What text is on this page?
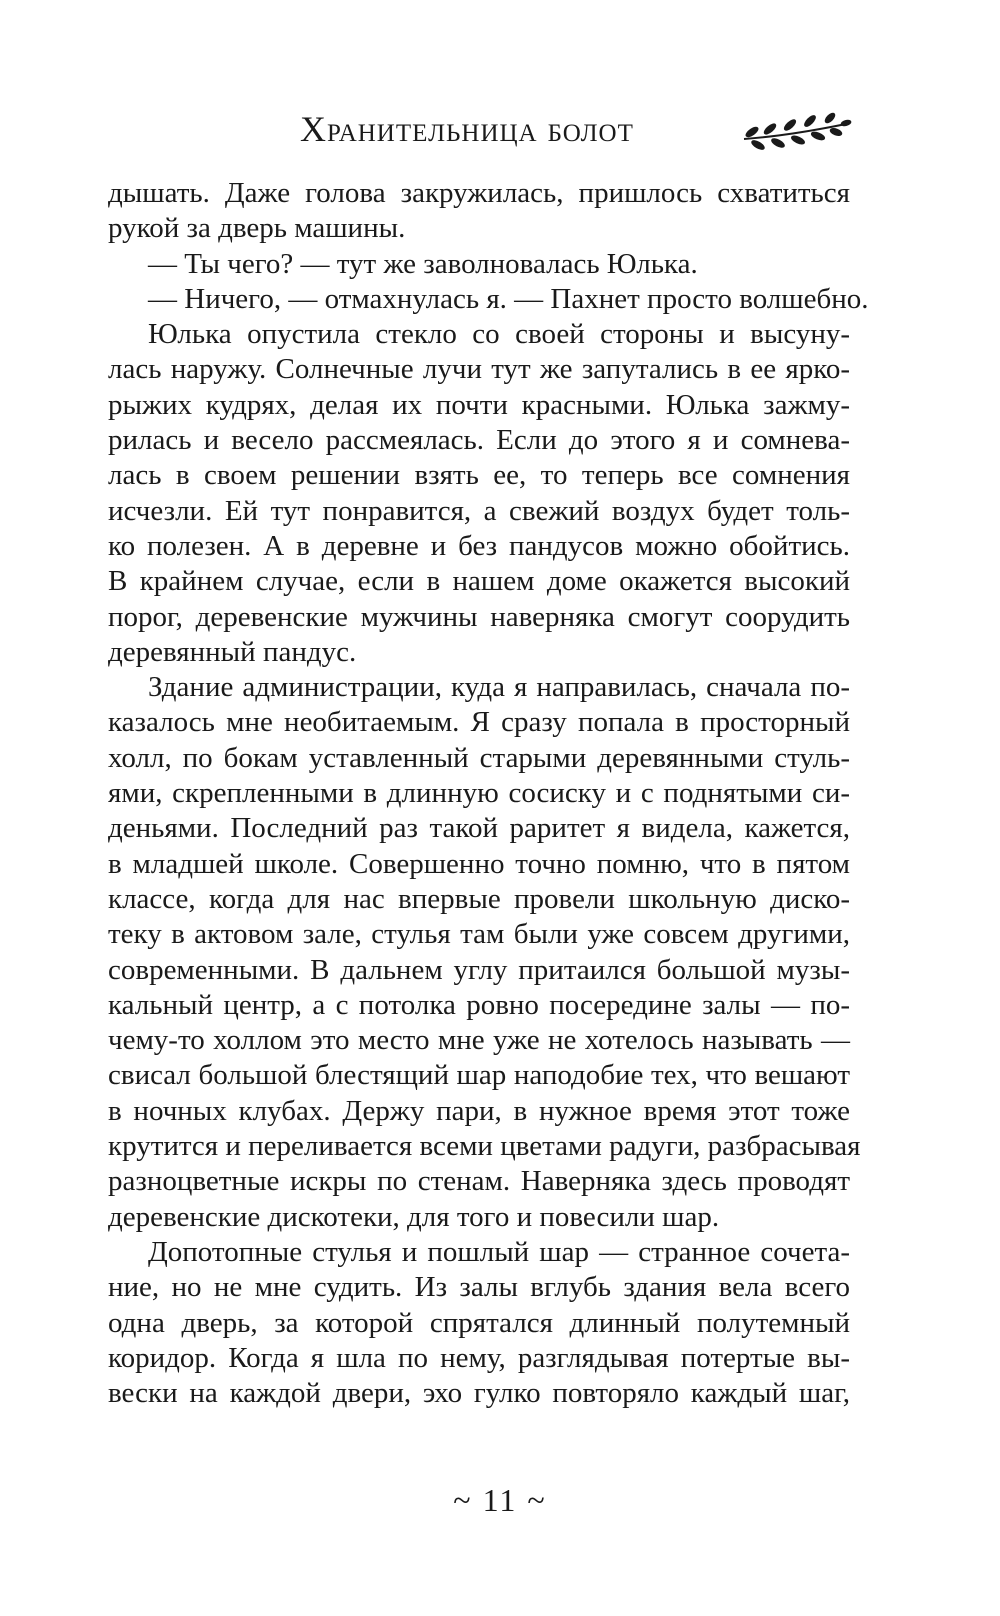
Хранительница болот
дышать. Даже голова закружилась, пришлось схватиться
рукой за дверь машины.
— Ты чего? — тут же заволновалась Юлька.
— Ничего, — отмахнулась я. — Пахнет просто волшебно.
Юлька опустила стекло со своей стороны и высуну-
лась наружу. Солнечные лучи тут же запутались в ее ярко-
рыжих кудрях, делая их почти красными. Юлька зажму-
рилась и весело рассмеялась. Если до этого я и сомнева-
лась в своем решении взять ее, то теперь все сомнения
исчезли. Ей тут понравится, а свежий воздух будет толь-
ко полезен. А в деревне и без пандусов можно обойтись.
В крайнем случае, если в нашем доме окажется высокий
порог, деревенские мужчины наверняка смогут соорудить
деревянный пандус.
Здание администрации, куда я направилась, сначала по-
казалось мне необитаемым. Я сразу попала в просторный
холл, по бокам уставленный старыми деревянными стуль-
ями, скрепленными в длинную сосиску и с поднятыми си-
деньями. Последний раз такой раритет я видела, кажется,
в младшей школе. Совершенно точно помню, что в пятом
классе, когда для нас впервые провели школьную диско-
теку в актовом зале, стулья там были уже совсем другими,
современными. В дальнем углу притаился большой музы-
кальный центр, а с потолка ровно посередине залы — по-
чему-то холлом это место мне уже не хотелось называть —
свисал большой блестящий шар наподобие тех, что вешают
в ночных клубах. Держу пари, в нужное время этот тоже
крутится и переливается всеми цветами радуги, разбрасывая
разноцветные искры по стенам. Наверняка здесь проводят
деревенские дискотеки, для того и повесили шар.
Допотопные стулья и пошлый шар — странное сочета-
ние, но не мне судить. Из залы вглубь здания вела всего
одна дверь, за которой спрятался длинный полутемный
коридор. Когда я шла по нему, разглядывая потертые вы-
вески на каждой двери, эхо гулко повторяло каждый шаг,
~ 11 ~
